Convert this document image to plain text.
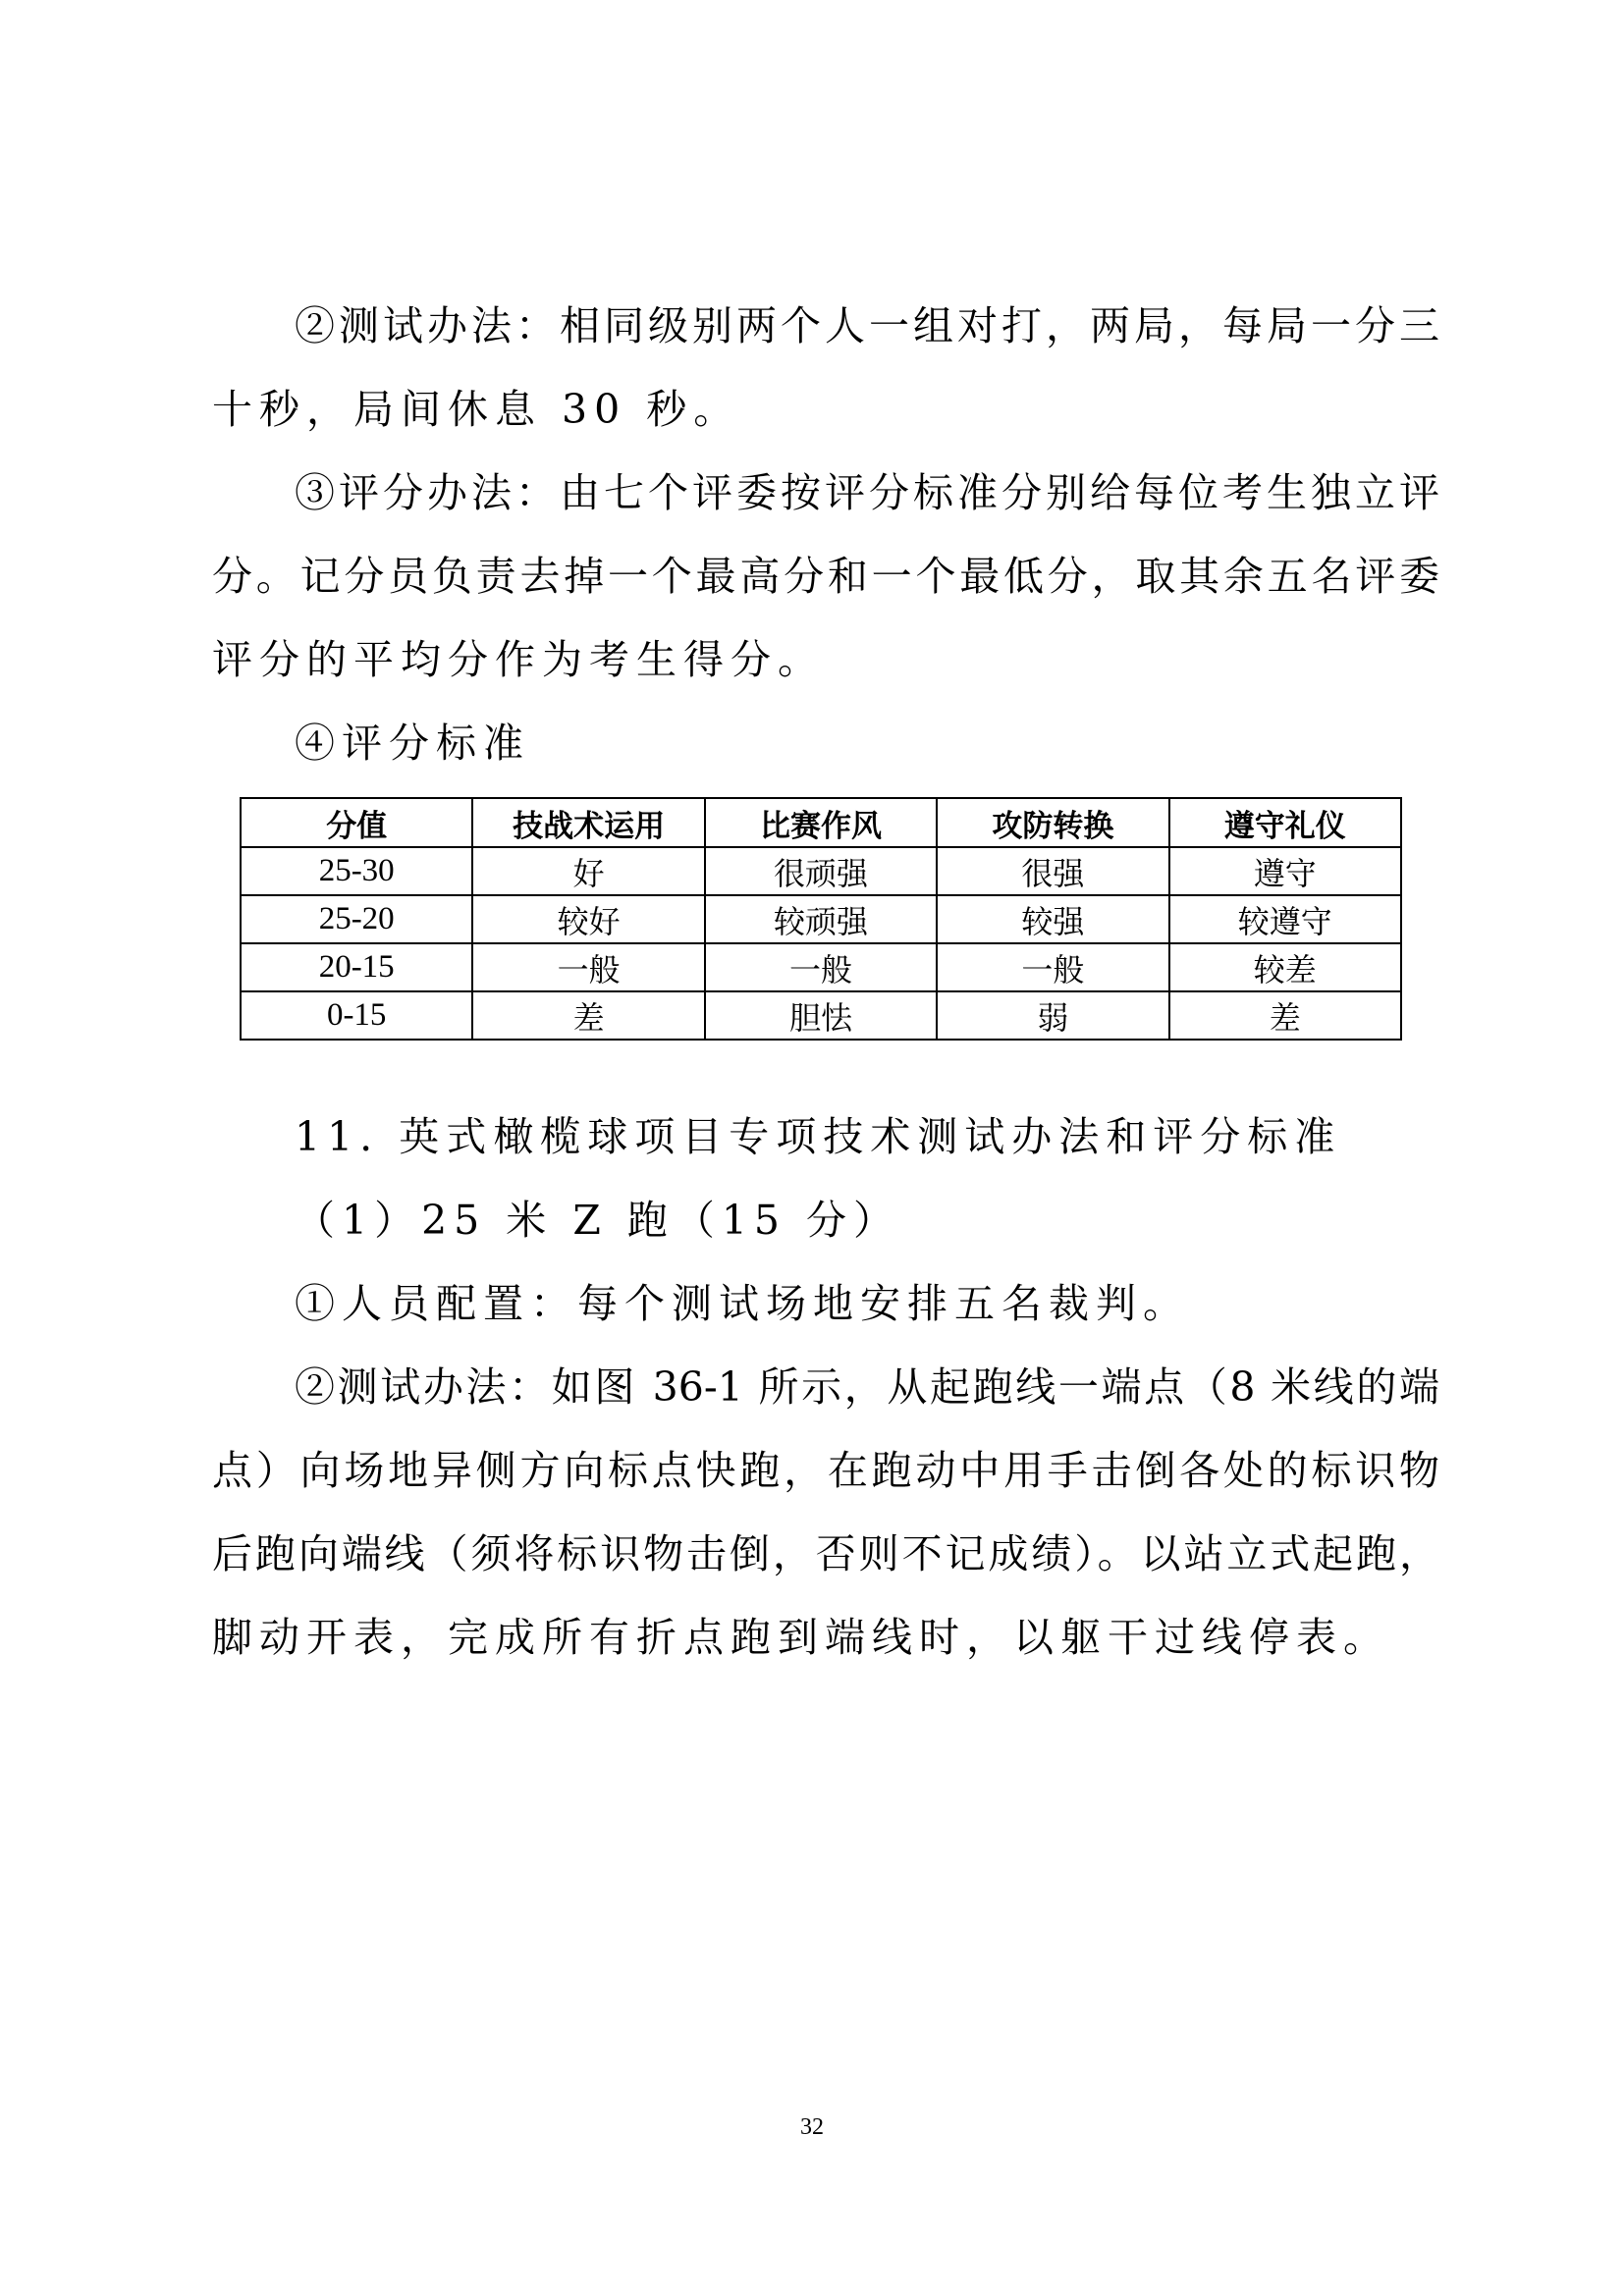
②测试办法：相同级别两个人一组对打，两局，每局一分三
十秒，局间休息 30 秒。
③评分办法：由七个评委按评分标准分别给每位考生独立评
分。记分员负责去掉一个最高分和一个最低分，取其余五名评委
评分的平均分作为考生得分。
④评分标准
分值	技战术运用	比赛作风	攻防转换	遵守礼仪
25-30	好	很顽强	很强	遵守
25-20	较好	较顽强	较强	较遵守
20-15	一般	一般	一般	较差
0-15	差	胆怯	弱	差
11. 英式橄榄球项目专项技术测试办法和评分标准
（1）25 米 Z 跑（15 分）
①人员配置：每个测试场地安排五名裁判。
②测试办法：如图 36-1 所示，从起跑线一端点（8 米线的端
点）向场地异侧方向标点快跑，在跑动中用手击倒各处的标识物
后跑向端线（须将标识物击倒，否则不记成绩）。以站立式起跑，
脚动开表，完成所有折点跑到端线时，以躯干过线停表。
32
